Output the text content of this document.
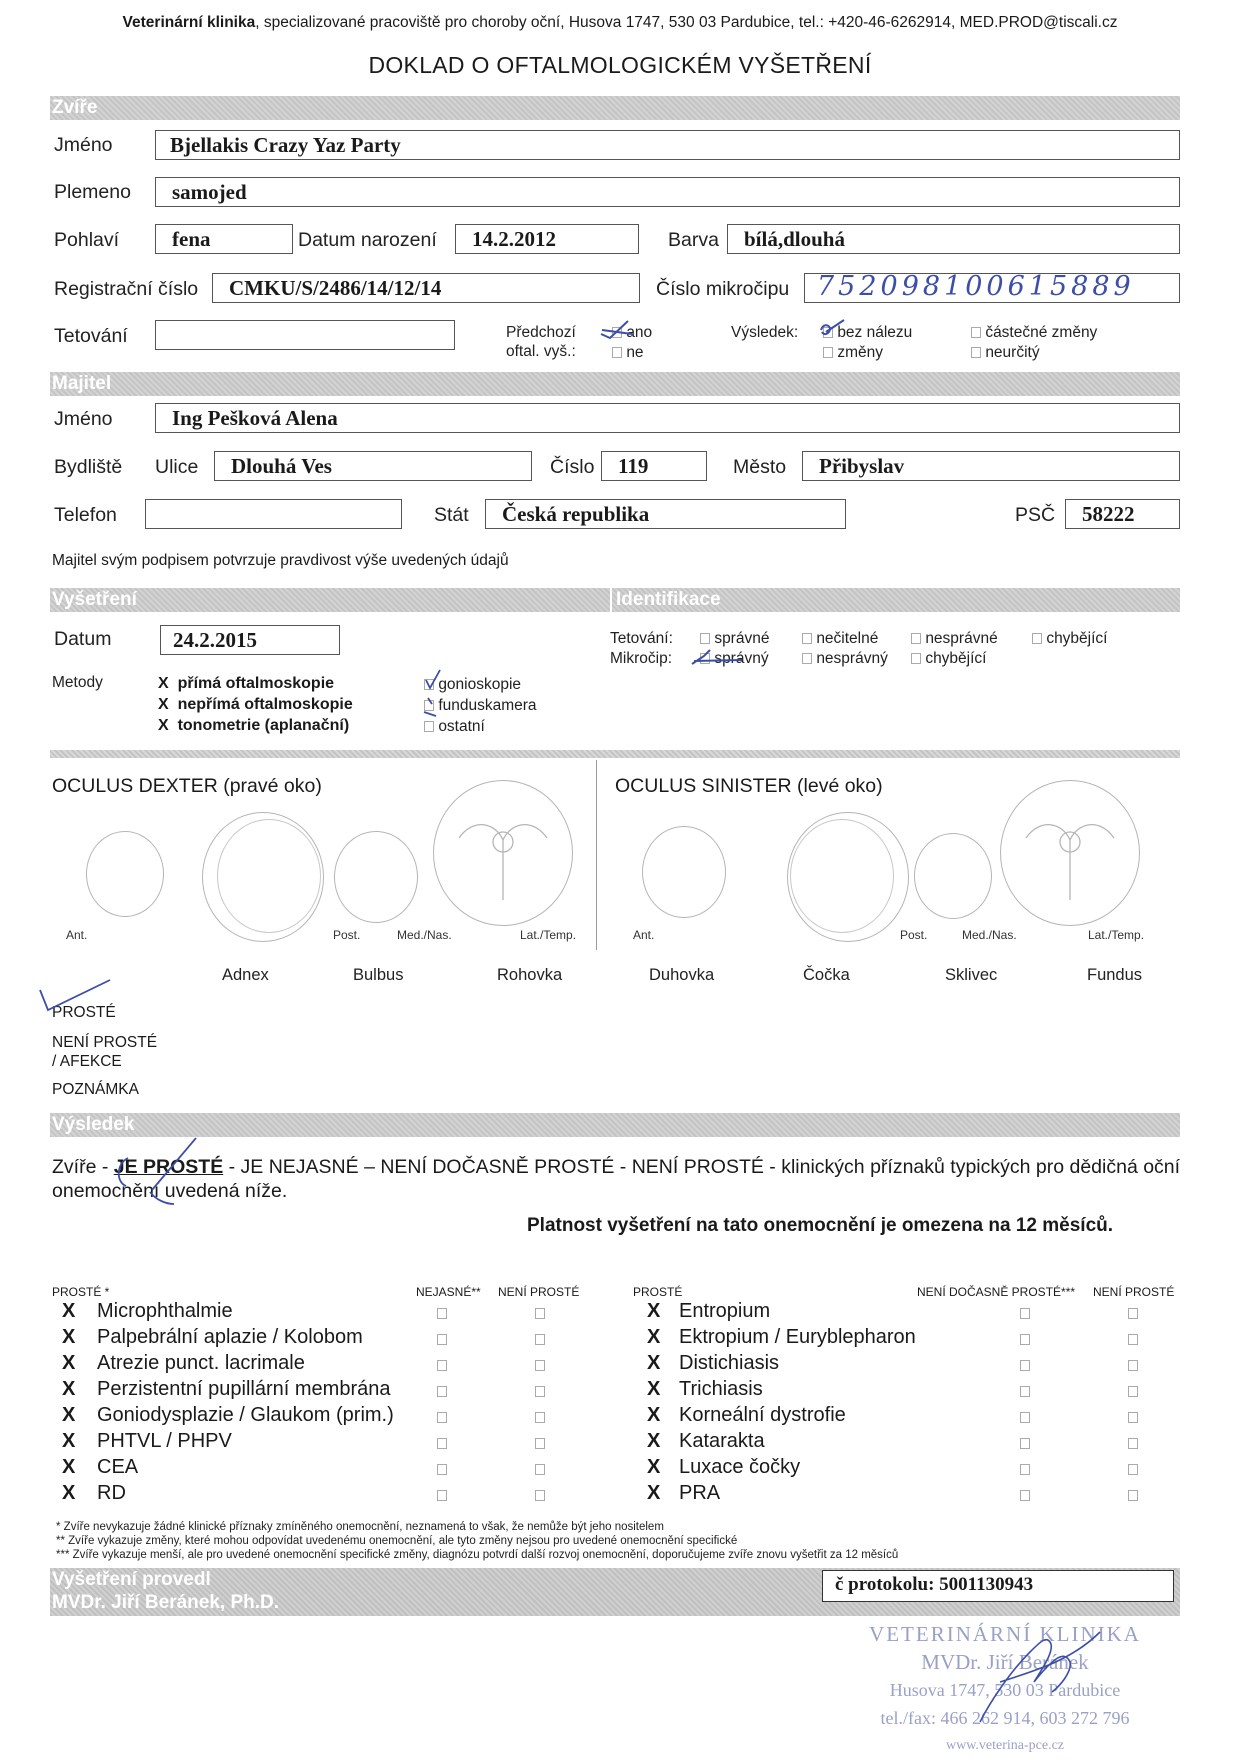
Veterinární klinika, specializované pracoviště pro choroby oční, Husova 1747, 530 03 Pardubice, tel.: +420-46-6262914, MED.PROD@tiscali.cz
DOKLAD O OFTALMOLOGICKÉM VYŠETŘENÍ
Zvíře
Jméno	Bjellakis Crazy Yaz Party
Plemeno samojed
Pohlaví	fena	Datum narození 14.2.2012	Barva bílá,dlouhá
Registrační číslo CMKU/S/2486/14/12/14	Číslo mikročipu 752098100615889
Tetování	Předchozí
oftal. vyš.:
ano
ne
Výsledek:	bez nálezu
změny
částečné změny
neurčitý
Majitel
Jméno	Ing Pešková Alena
Bydliště Ulice Dlouhá Ves	Číslo 119	Město Přibyslav
Telefon	Stát Česká republika	PSČ 58222
Majitel svým podpisem potvrzuje pravdivost výše uvedených údajů
Vyšetření	Identifikace
Datum	24.2.2015
Metody	X přímá oftalmoskopie
X nepřímá oftalmoskopie
X tonometrie (aplanační)
gonioskopie
funduskamera
ostatní
Tetování:	správné	nečitelné	nesprávné	chybějící
Mikročip:	správný	nesprávný	chybějící
OCULUS DEXTER (pravé oko)	OCULUS SINISTER (levé oko)
Ant.	Post.	Med./Nas.	Lat./Temp.	Ant.	Post.	Med./Nas.	Lat./Temp.
Adnex	Bulbus	Rohovka	Duhovka	Čočka	Sklivec	Fundus
PROSTÉ
NENÍ PROSTÉ
/ AFEKCE
POZNÁMKA
Výsledek
Zvíře - JE PROSTÉ - JE NEJASNÉ – NENÍ DOČASNĚ PROSTÉ - NENÍ PROSTÉ - klinických příznaků typických pro dědičná oční onemocnění uvedená níže.
Platnost vyšetření na tato onemocnění je omezena na 12 měsíců.
PROSTÉ *	NEJASNÉ** NENÍ PROSTÉ	PROSTÉ	NENÍ DOČASNĚ PROSTÉ*** NENÍ PROSTÉ
X Microphthalmie
X Palpebrální aplazie / Kolobom
X Atrezie punct. lacrimale
X Perzistentní pupillární membrána
X Goniodysplazie / Glaukom (prim.)
X PHTVL / PHPV
X CEA
X RD
X Entropium
X Ektropium / Euryblepharon
X Distichiasis
X Trichiasis
X Korneální dystrofie
X Katarakta
X Luxace čočky
X PRA
* Zvíře nevykazuje žádné klinické příznaky zmíněného onemocnění, neznamená to však, že nemůže být jeho nositelem
** Zvíře vykazuje změny, které mohou odpovídat uvedenému onemocnění, ale tyto změny nejsou pro uvedené onemocnění specifické
*** Zvíře vykazuje menší, ale pro uvedené onemocnění specifické změny, diagnózu potvrdí další rozvoj onemocnění, doporučujeme zvíře znovu vyšetřit za 12 měsíců
Vyšetření provedl
MVDr. Jiří Beránek, Ph.D.
č protokolu: 5001130943
VETERINÁRNÍ KLINIKA
MVDr. Jiří Beránek
Husova 1747, 530 03 Pardubice
tel./fax: 466 262 914, 603 272 796
www.veterina-pce.cz
